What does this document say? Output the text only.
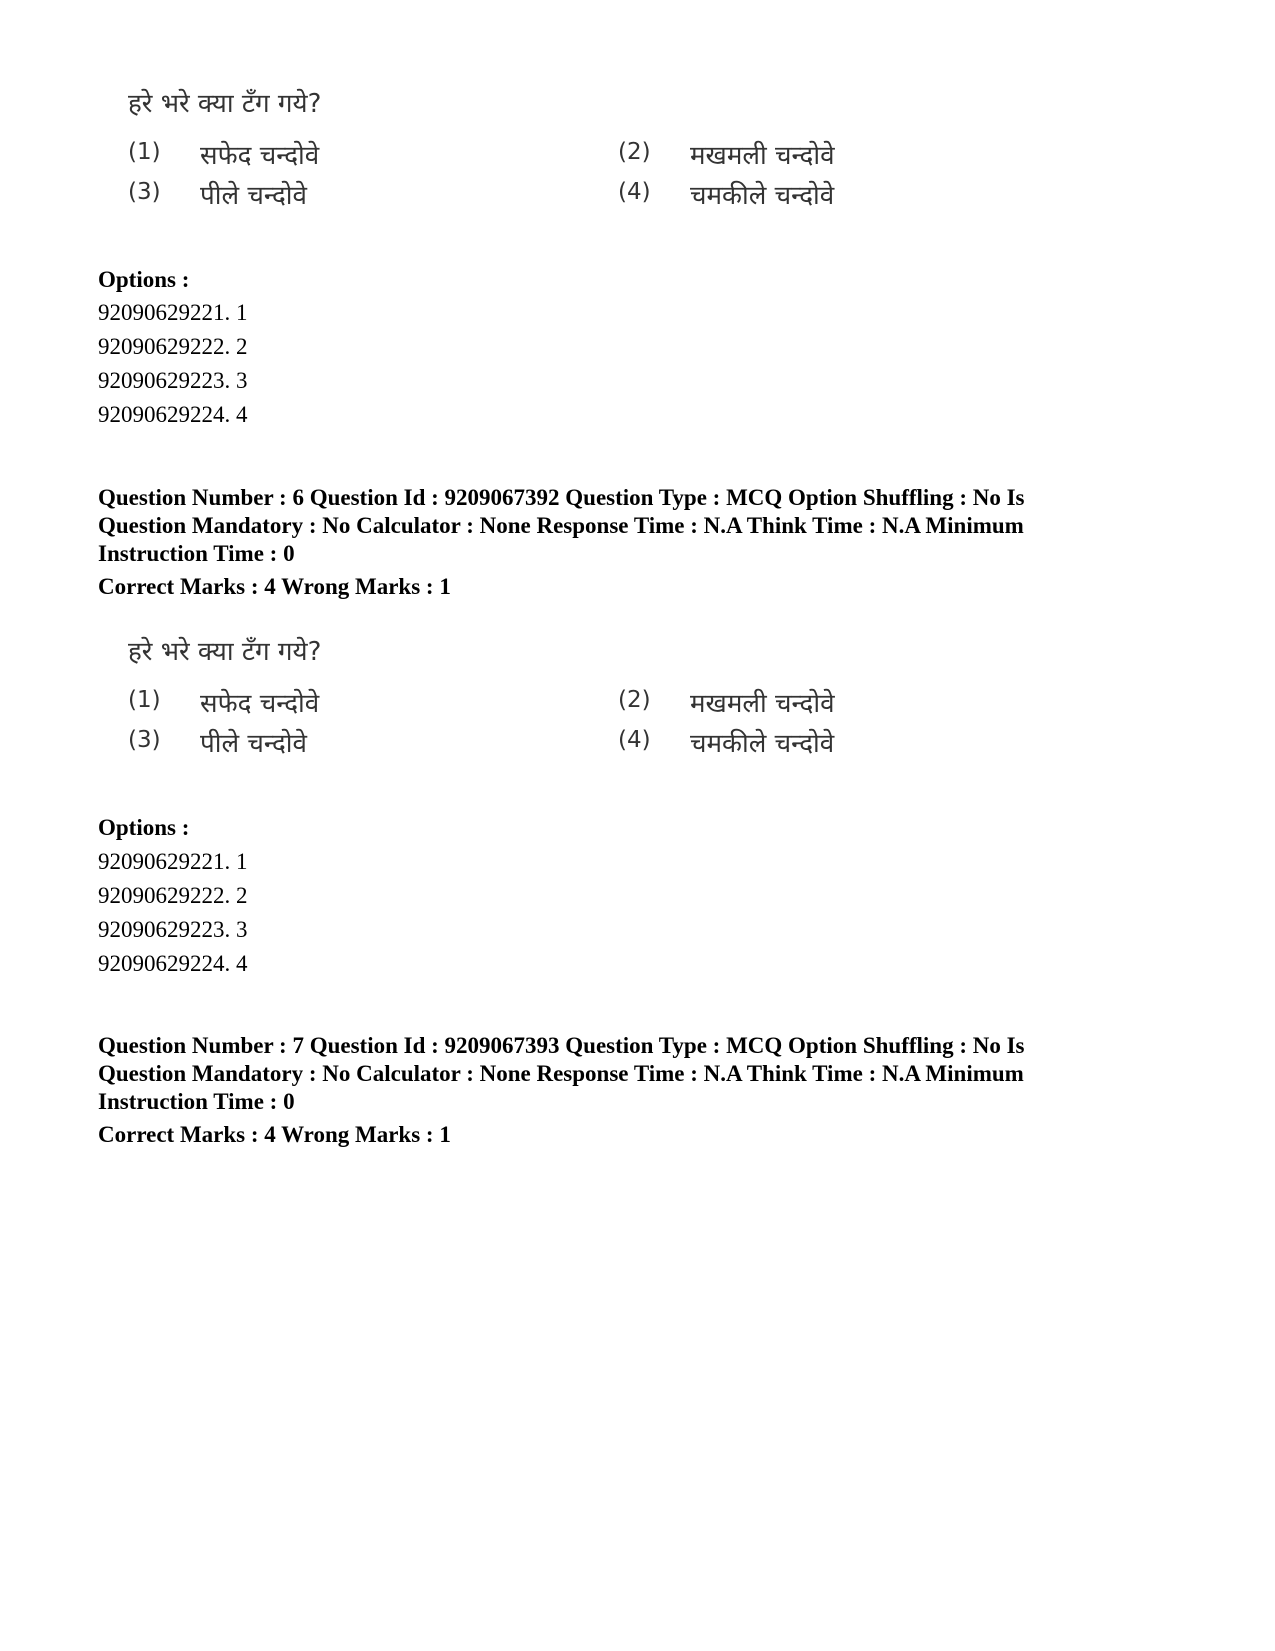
हरे भरे क्या टँग गये?
(1) सफेद चन्दोवे	(2) मखमली चन्दोवे
(3) पीले चन्दोवे	(4) चमकीले चन्दोवे
Options :
92090629221. 1
92090629222. 2
92090629223. 3
92090629224. 4
Question Number : 6 Question Id : 9209067392 Question Type : MCQ Option Shuffling : No Is Question Mandatory : No Calculator : None Response Time : N.A Think Time : N.A Minimum Instruction Time : 0
Correct Marks : 4 Wrong Marks : 1
हरे भरे क्या टँग गये?
(1) सफेद चन्दोवे	(2) मखमली चन्दोवे
(3) पीले चन्दोवे	(4) चमकीले चन्दोवे
Options :
92090629221. 1
92090629222. 2
92090629223. 3
92090629224. 4
Question Number : 7 Question Id : 9209067393 Question Type : MCQ Option Shuffling : No Is Question Mandatory : No Calculator : None Response Time : N.A Think Time : N.A Minimum Instruction Time : 0
Correct Marks : 4 Wrong Marks : 1
